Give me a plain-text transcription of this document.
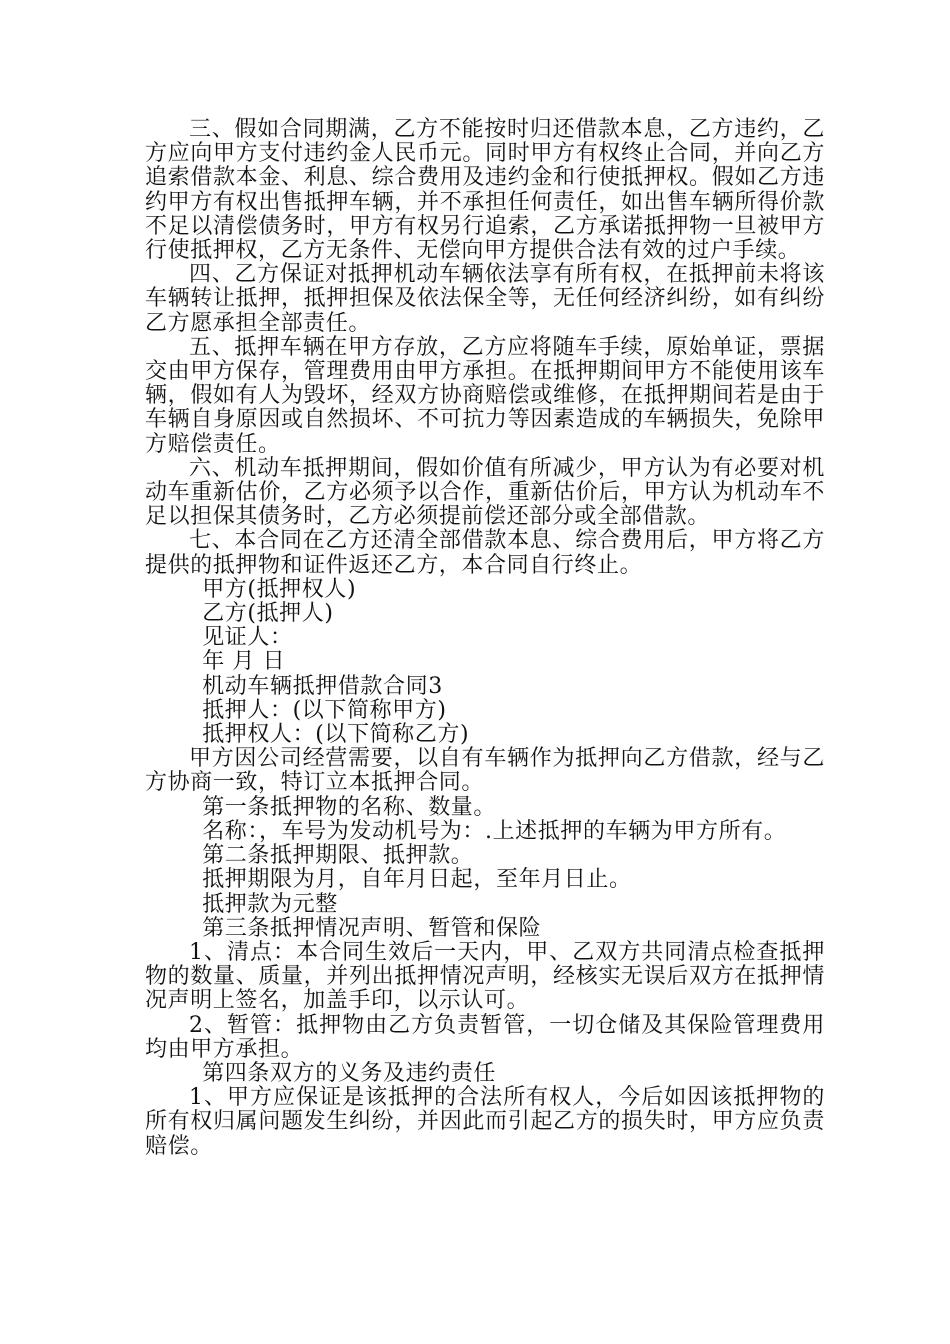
三、假如合同期满，乙方不能按时归还借款本息，乙方违约，乙方应向甲方支付违约金人民币元。同时甲方有权终止合同，并向乙方追索借款本金、利息、综合费用及违约金和行使抵押权。假如乙方违约甲方有权出售抵押车辆，并不承担任何责任，如出售车辆所得价款不足以清偿债务时，甲方有权另行追索，乙方承诺抵押物一旦被甲方行使抵押权，乙方无条件、无偿向甲方提供合法有效的过户手续。

四、乙方保证对抵押机动车辆依法享有所有权，在抵押前未将该车辆转让抵押，抵押担保及依法保全等，无任何经济纠纷，如有纠纷乙方愿承担全部责任。

五、抵押车辆在甲方存放，乙方应将随车手续，原始单证，票据交由甲方保存，管理费用由甲方承担。在抵押期间甲方不能使用该车辆，假如有人为毁坏，经双方协商赔偿或维修，在抵押期间若是由于车辆自身原因或自然损坏、不可抗力等因素造成的车辆损失，免除甲方赔偿责任。

六、机动车抵押期间，假如价值有所减少，甲方认为有必要对机动车重新估价，乙方必须予以合作，重新估价后，甲方认为机动车不足以担保其债务时，乙方必须提前偿还部分或全部借款。

七、本合同在乙方还清全部借款本息、综合费用后，甲方将乙方提供的抵押物和证件返还乙方，本合同自行终止。

甲方(抵押权人)

乙方(抵押人)

见证人：

年 月 日

机动车辆抵押借款合同3

抵押人：(以下简称甲方)

抵押权人：(以下简称乙方)

甲方因公司经营需要，以自有车辆作为抵押向乙方借款，经与乙方协商一致，特订立本抵押合同。

第一条抵押物的名称、数量。

名称：，车号为发动机号为：.上述抵押的车辆为甲方所有。

第二条抵押期限、抵押款。

抵押期限为月，自年月日起，至年月日止。

抵押款为元整

第三条抵押情况声明、暂管和保险

1、清点：本合同生效后一天内，甲、乙双方共同清点检查抵押物的数量、质量，并列出抵押情况声明，经核实无误后双方在抵押情况声明上签名，加盖手印，以示认可。

2、暂管：抵押物由乙方负责暂管，一切仓储及其保险管理费用均由甲方承担。

第四条双方的义务及违约责任

1、甲方应保证是该抵押的合法所有权人，今后如因该抵押物的所有权归属问题发生纠纷，并因此而引起乙方的损失时，甲方应负责赔偿。
